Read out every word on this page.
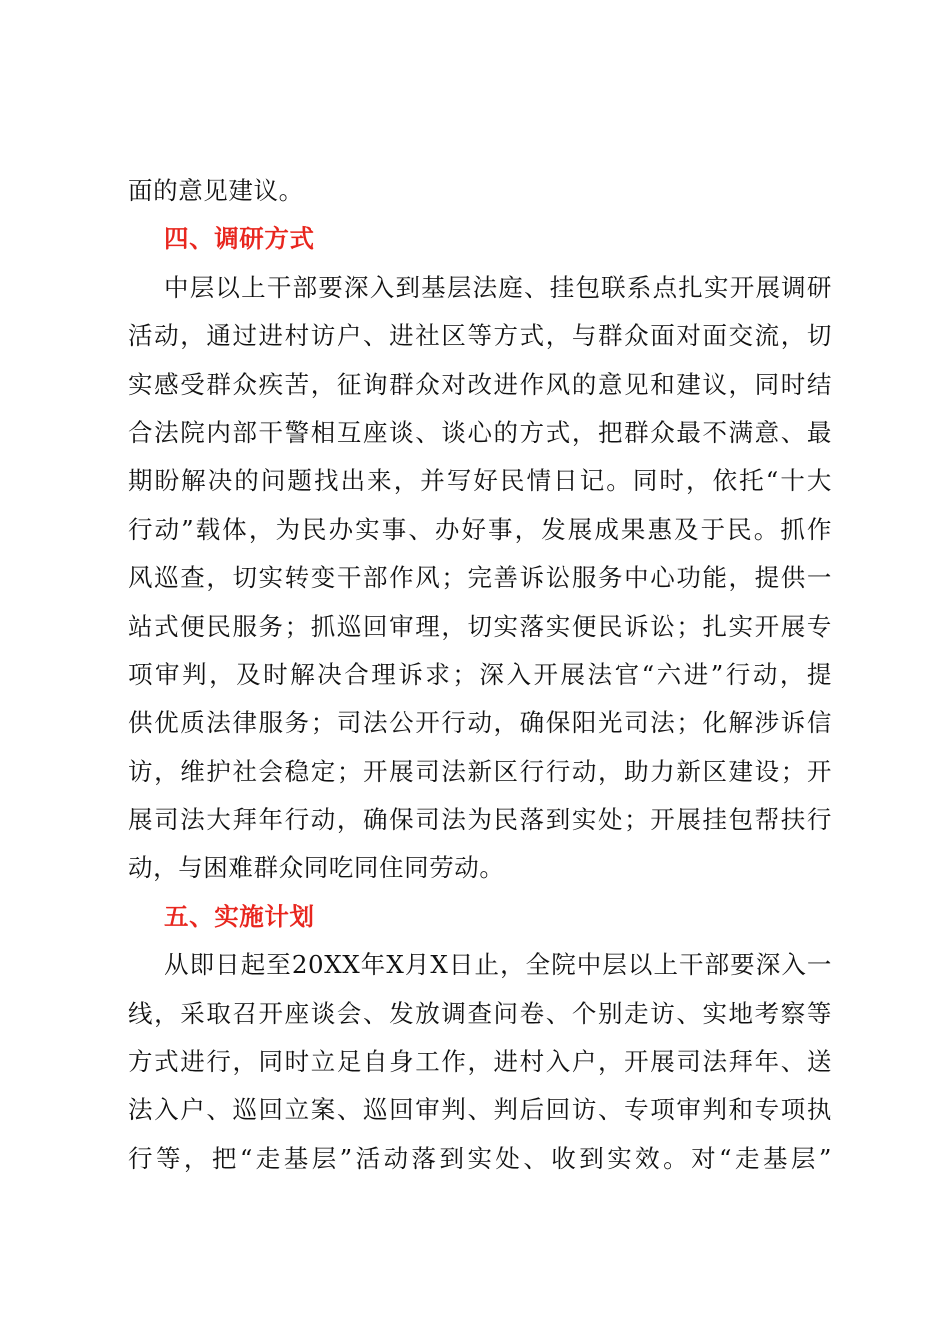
面的意见建议。
四、调研方式
中层以上干部要深入到基层法庭、挂包联系点扎实开展调研
活动，通过进村访户、进社区等方式，与群众面对面交流，切
实感受群众疾苦，征询群众对改进作风的意见和建议，同时结
合法院内部干警相互座谈、谈心的方式，把群众最不满意、最
期盼解决的问题找出来，并写好民情日记。同时，依托“十大
行动”载体，为民办实事、办好事，发展成果惠及于民。抓作
风巡查，切实转变干部作风；完善诉讼服务中心功能，提供一
站式便民服务；抓巡回审理，切实落实便民诉讼；扎实开展专
项审判，及时解决合理诉求；深入开展法官“六进”行动，提
供优质法律服务；司法公开行动，确保阳光司法；化解涉诉信
访，维护社会稳定；开展司法新区行行动，助力新区建设；开
展司法大拜年行动，确保司法为民落到实处；开展挂包帮扶行
动，与困难群众同吃同住同劳动。
五、实施计划
从即日起至20XX年X月X日止，全院中层以上干部要深入一
线，采取召开座谈会、发放调查问卷、个别走访、实地考察等
方式进行，同时立足自身工作，进村入户，开展司法拜年、送
法入户、巡回立案、巡回审判、判后回访、专项审判和专项执
行等，把“走基层”活动落到实处、收到实效。对“走基层”
